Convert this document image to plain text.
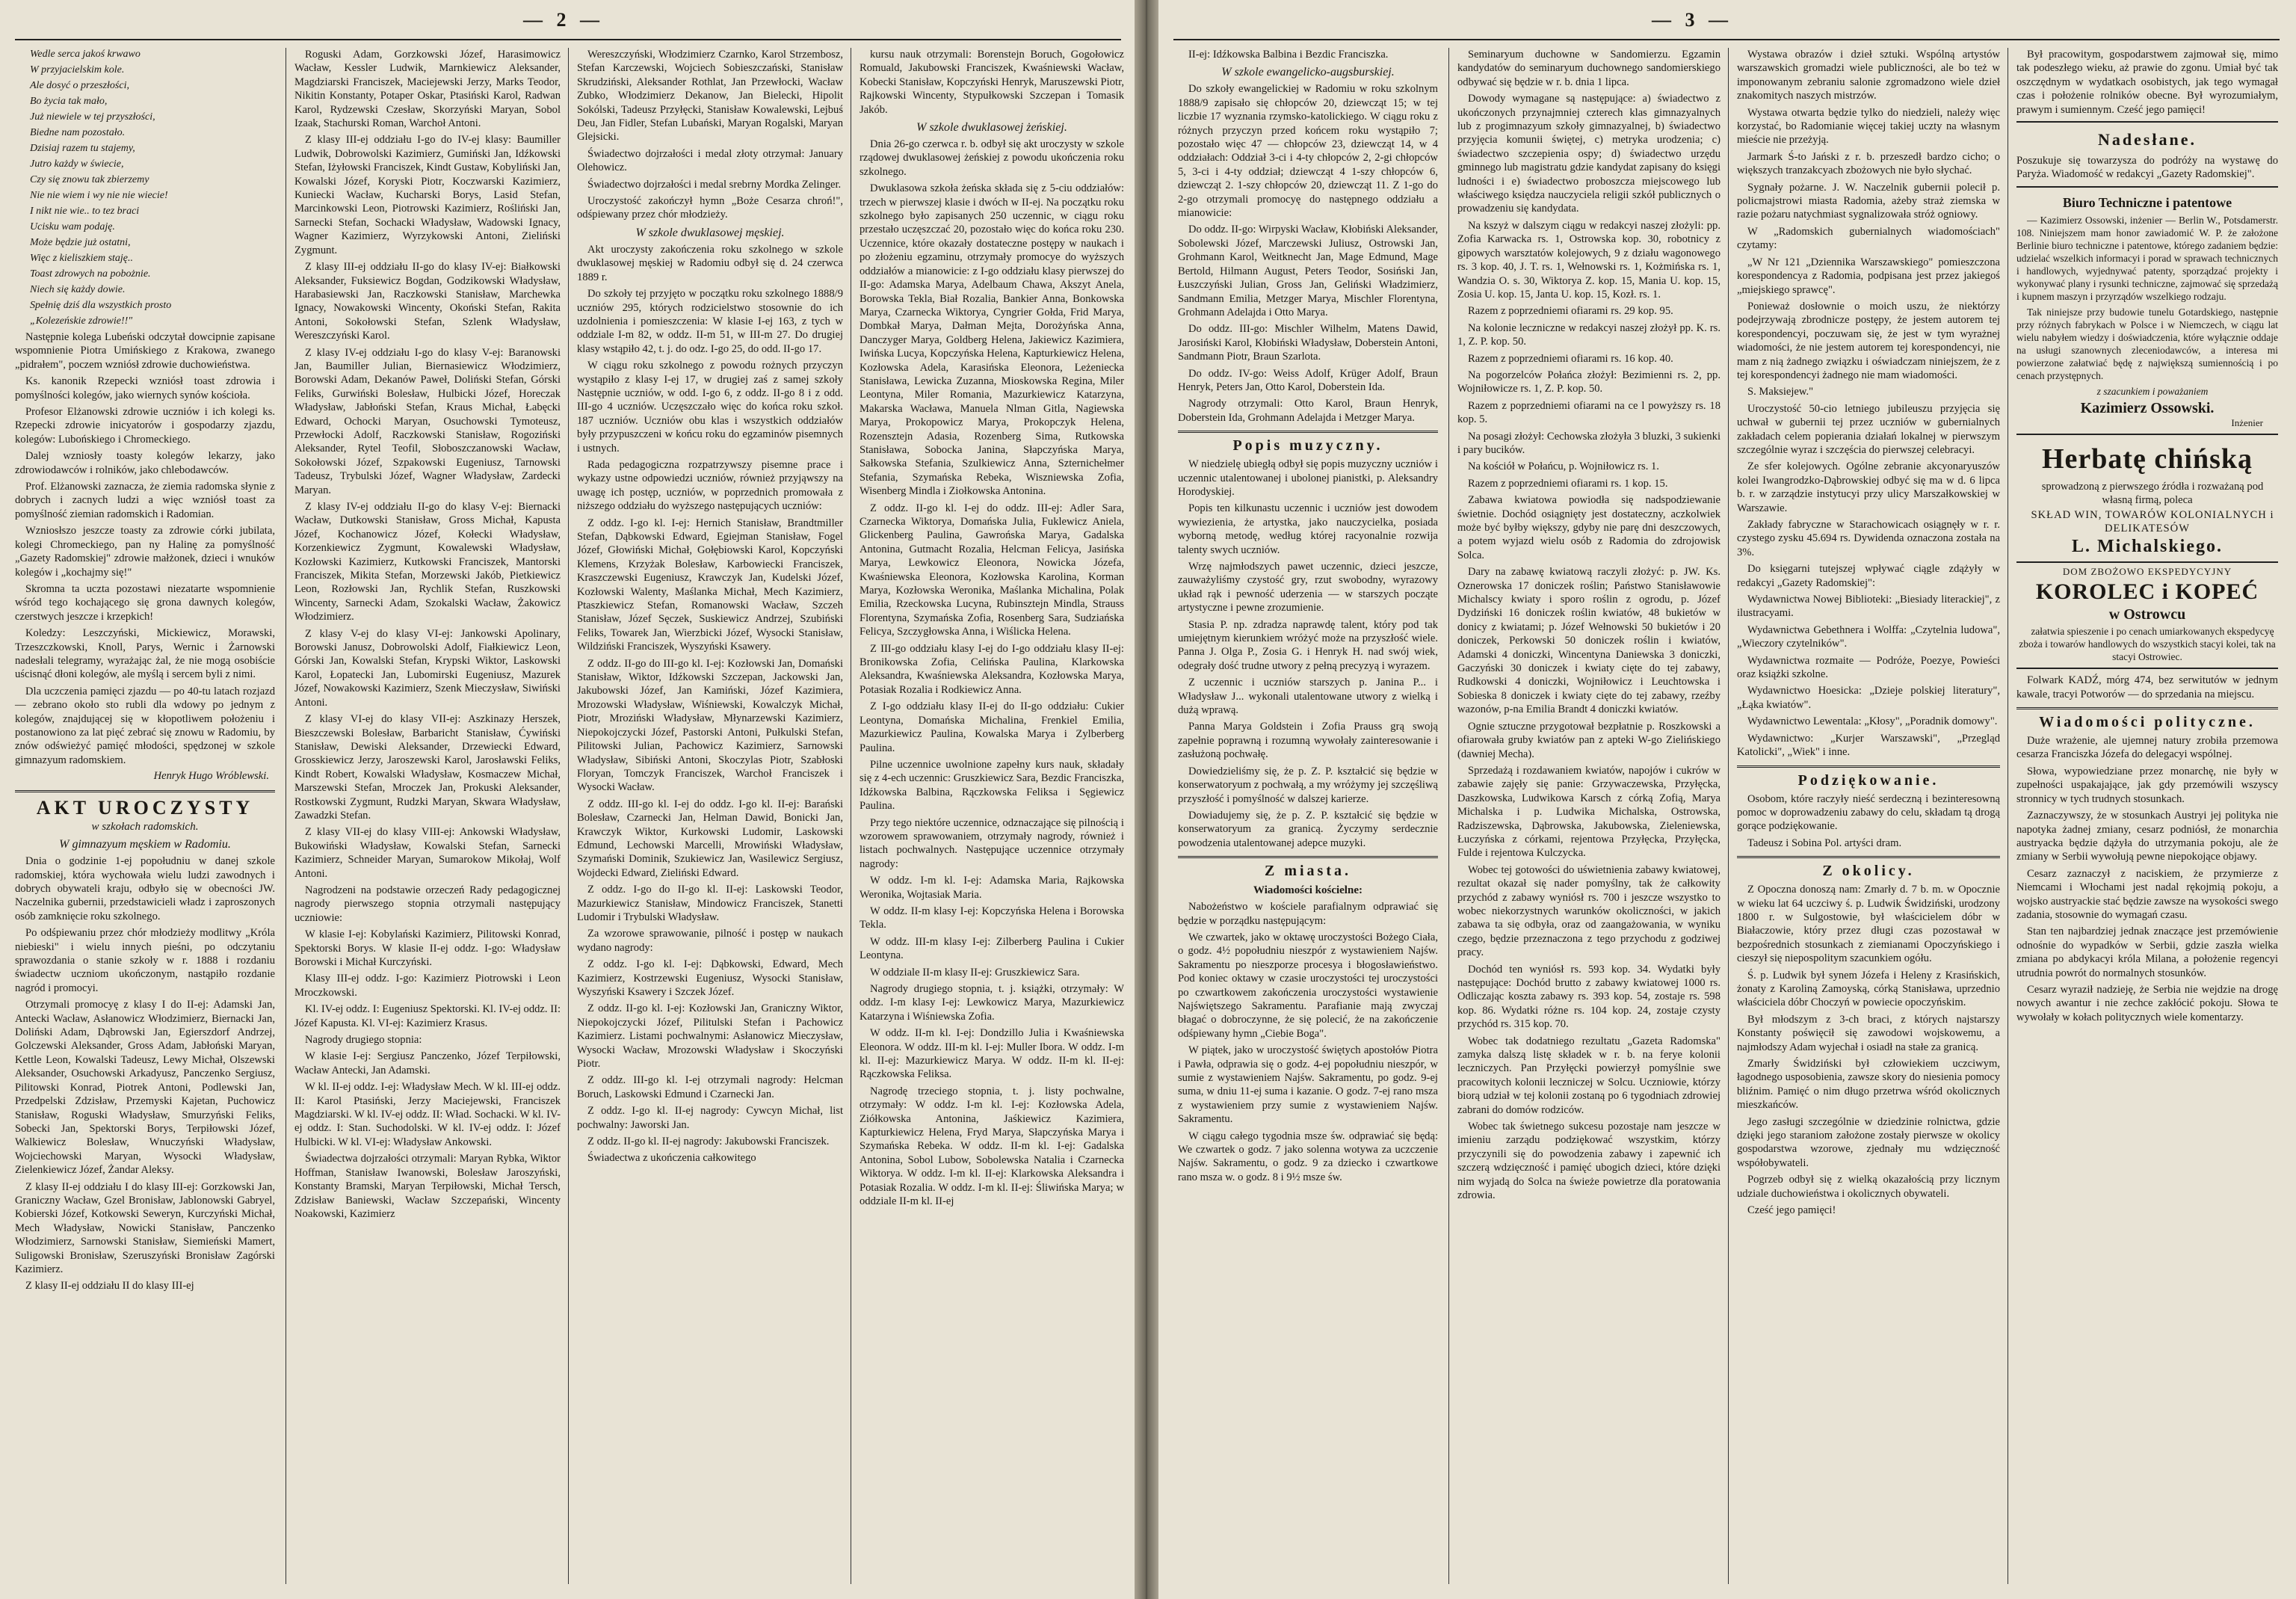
— 2 —
Wedle serca jakoś krwawo
W przyjacielskim kole.
Ale dosyć o przeszłości,
Bo życia tak mało,
Już niewiele w tej przyszłości,
Biedne nam pozostało.
Dzisiaj razem tu stajemy,
Jutro każdy w świecie,
Czy się znowu tak zbierzemy
Nie nie wiem i wy nie nie wiecie!
I nikt nie wie.. to tez braci
Ucisku wam podaję.
Może będzie już ostatni,
Więc z kieliszkiem staję..
Toast zdrowych na pobożnie.
Niech się każdy dowie.
Spełnię dziś dla wszystkich prosto
„Kolezeńskie zdrowie!!"

Następnie kolega Lubeński odczytał dowcipnie zapisane wspomnienie Piotra Umińskiego z Krakowa, zwanego „pidrałem", poczem wzniósł zdrowie duchowieństwa.

Ks. kanonik Rzepecki wzniósł toast zdrowia i pomyślności kolegów, jako wiernych synów kościoła.

Profesor Elżanowski zdrowie uczniów i ich kolegi ks. Rzepecki zdrowie inicyatorów i gospodarzy zjazdu, kolegów: Lubońskiego i Chromeckiego.

Dalej wzniosły toasty kolegów lekarzy, jako zdrowiodawców i rolników, jako chlebodawców.

Prof. Elżanowski zaznacza, że ziemia radomska słynie z dobrych i zacnych ludzi a więc wzniósł toast za pomyślność ziemian radomskich i Radomian.

Wzniosłszo jeszcze toasty za zdrowie córki jubilata, kolegi Chromeckiego, pan ny Halinę za pomyślność „Gazety Radomskiej" zdrowie małżonek, dzieci i wnuków kolegów i „kochajmy się!"

Skromna ta uczta pozostawi niezatarte wspomnienie wśród tego kochającego się grona dawnych kolegów, czerstwych jeszcze i krzepkich!

Koledzy: Leszczyński, Mickiewicz, Morawski, Trzeszczkowski, Knoll, Parys, Wernic i Żarnowski nadesłali telegramy, wyrażając żal, że nie mogą osobiście uścisnąć dłoni kolegów, ale myślą i sercem byli z nimi.

Dla uczczenia pamięci zjazdu — po 40-tu latach rozjazd — zebrano około sto rubli dla wdowy po jednym z kolegów, znajdującej się w kłopotliwem położeniu i postanowiono za lat pięć zebrać się znowu w Radomiu, by znów odświeżyć pamięć młodości, spędzonej w szkole gimnazyum radomskiem.

Henryk Hugo Wróblewski.
AKT UROCZYSTY
w szkołach radomskich.
W gimnazyum męskiem w Radomiu.

Dnia o godzinie 1-ej popołudniu w danej szkole radomskiej, która wychowała wielu ludzi zawodnych i dobrych obywateli kraju, odbyło się w obecności JW. Naczelnika gubernii, przedstawicieli władz i zaproszonych osób zamknięcie roku szkolnego.

Po odśpiewaniu przez chór młodzieży modlitwy „Króla niebieski" i wielu innych pieśni, po odczytaniu sprawozdania o stanie szkoły w r. 1888 i rozdaniu świadectw uczniom ukończonym, nastąpiło rozdanie nagród i promocyi.

Otrzymali promocyę z klasy I do II-ej: Adamski Jan, Antecki Wacław, Asłanowicz Włodzimierz, Biernacki Jan, Doliński Adam, Dąbrowski Jan, Egierszdorf Andrzej, Golczewski Aleksander, Gross Adam, Jabłoński Maryan, Kettle Leon, Kowalski Tadeusz, Lewy Michał, Olszewski Aleksander, Osuchowski Arkadyusz, Panczenko Sergiusz, Pilitowski Konrad, Piotrek Antoni, Podlewski Jan, Przedpelski Zdzisław, Przemyski Kajetan, Puchowicz Stanisław, Roguski Władysław, Smurzyński Feliks, Sobecki Jan, Spektorski Borys, Terpiłowski Józef, Walkiewicz Bolesław, Wnuczyński Władysław, Wojciechowski Maryan, Wysocki Władysław, Zielenkiewicz Józef, Żandar Aleksy.

Z klasy II-ej oddziału I do klasy III-ej: Gorzkowski Jan, Graniczny Wacław, Gzel Bronisław, Jablonowski Gabryel, Kobierski Józef, Kotkowski Seweryn, Kurczyński Michał, Mech Władysław, Nowicki Stanisław, Panczenko Włodzimierz, Sarnowski Stanisław, Siemieński Mamert, Suligowski Bronisław, Szeruszyński Bronisław Zagórski Kazimierz.

Z klasy II-ej oddziału II do klasy III-ej

Roguski Adam, Gorzkowski Józef, Harasimowicz Wacław, Kessler Ludwik, Marnkiewicz Aleksander, Magdziarski Franciszek, Maciejewski Jerzy, Marks Teodor, Nikitin Konstanty, Potaper Oskar, Ptasiński Karol, Radwan Karol, Rydzewski Czesław, Skorzyński Maryan, Sobol Izaak, Stachurski Roman, Warchoł Antoni.

Z klasy III-ej oddziału I-go do IV-ej klasy: Baumiller Ludwik, Dobrowolski Kazimierz, Gumiński Jan, Idźkowski Stefan, Iżyłowski Franciszek, Kindt Gustaw, Kobyliński Jan, Kowalski Józef, Koryski Piotr, Koczwarski Kazimierz, Kuniecki Wacław, Kucharski Borys, Lasid Stefan, Marcinkowski Leon, Piotrowski Kazimierz, Rośliński Jan, Sarnecki Stefan, Sochacki Władysław, Wadowski Ignacy, Wagner Kazimierz, Wyrzykowski Antoni, Zieliński Zygmunt.

Z klasy III-ej oddziału II-go do klasy IV-ej: Białkowski Aleksander, Fuksiewicz Bogdan, Godzikowski Władysław, Harabasiewski Jan, Raczkowski Stanisław, Marchewka Ignacy, Nowakowski Wincenty, Okoński Stefan, Rakita Antoni, Sokołowski Stefan, Szlenk Władysław, Wereszczyński Karol.

Z klasy IV-ej oddziału I-go do klasy V-ej: Baranowski Jan, Baumiller Julian, Biernasiewicz Włodzimierz, Borowski Adam, Dekanów Paweł, Doliński Stefan, Górski Feliks, Gurwiński Bolesław, Hulbicki Józef, Horeczak Władysław, Jabłoński Stefan, Kraus Michał, Łabęcki Edward, Ochocki Maryan, Osuchowski Tymoteusz, Przewłocki Adolf, Raczkowski Stanisław, Rogoziński Aleksander, Rytel Teofil, Słoboszczanowski Wacław, Sokołowski Józef, Szpakowski Eugeniusz, Tarnowski Tadeusz, Trybulski Józef, Wagner Władysław, Zardecki Maryan.

Z klasy IV-ej oddziału II-go do klasy V-ej: Biernacki Wacław, Dutkowski Stanisław, Gross Michał, Kapusta Józef, Kochanowicz Józef, Kołecki Władysław, Korzenkiewicz Zygmunt, Kowalewski Władysław, Kozłowski Kazimierz, Kutkowski Franciszek, Mantorski Franciszek, Mikita Stefan, Morzewski Jakób, Pietkiewicz Leon, Rozłowski Jan, Rychlik Stefan, Ruszkowski Wincenty, Sarnecki Adam, Szokalski Wacław, Żakowicz Włodzimierz.

Z klasy V-ej do klasy VI-ej: Jankowski Apolinary, Borowski Janusz, Dobrowolski Adolf, Fiałkiewicz Leon, Górski Jan, Kowalski Stefan, Krypski Wiktor, Laskowski Karol, Łopatecki Jan, Lubomirski Eugeniusz, Mazurek Józef, Nowakowski Kazimierz, Szenk Mieczysław, Siwiński Antoni.

Z klasy VI-ej do klasy VII-ej: Aszkinazy Herszek, Bieszczewski Bolesław, Barbaricht Stanisław, Ćywiński Stanisław, Dewiski Aleksander, Drzewiecki Edward, Grosskiewicz Jerzy, Jaroszewski Karol, Jarosławski Feliks, Kindt Robert, Kowalski Władysław, Kosmaczew Michał, Marszewski Stefan, Mroczek Jan, Prokuski Aleksander, Rostkowski Zygmunt, Rudzki Maryan, Skwara Władysław, Zawadzki Stefan.

Z klasy VII-ej do klasy VIII-ej: Ankowski Władysław, Bukowiński Władysław, Kowalski Stefan, Sarnecki Kazimierz, Schneider Maryan, Sumarokow Mikołaj, Wolf Antoni.

Nagrodzeni na podstawie orzeczeń Rady pedagogicznej nagrody pierwszego stopnia otrzymali następujący uczniowie:

W klasie I-ej: Kobylański Kazimierz, Pilitowski Konrad, Spektorski Borys. W klasie II-ej oddz. I-go: Władysław Borowski i Michał Kurczyński.

Klasy III-ej oddz. I-go: Kazimierz Piotrowski i Leon Mroczkowski.

Kl. IV-ej oddz. I: Eugeniusz Spektorski. Kl. IV-ej oddz. II: Józef Kapusta. Kl. VI-ej: Kazimierz Krasus.

Nagrody drugiego stopnia:

W klasie I-ej: Sergiusz Panczenko, Józef Terpiłowski, Wacław Antecki, Jan Adamski.

W kl. II-ej oddz. I-ej: Władysław Mech. W kl. III-ej oddz. II: Karol Ptasiński, Jerzy Maciejewski, Franciszek Magdziarski. W kl. IV-ej oddz. II: Wład. Sochacki. W kl. IV-ej oddz. I: Stan. Suchodolski. W kl. IV-ej oddz. I: Józef Hulbicki. W kl. VI-ej: Władysław Ankowski.

Świadectwa dojrzałości otrzymali: Maryan Rybka, Wiktor Hoffman, Stanisław Iwanowski, Bolesław Jaroszyński, Konstanty Bramski, Maryan Terpiłowski, Michał Tersch, Zdzisław Baniewski, Wacław Szczepański, Wincenty Noakowski, Kazimierz

Wereszczyński, Włodzimierz Czarnko, Karol Strzembosz, Stefan Karczewski, Wojciech Sobieszczański, Stanisław Skrudziński, Aleksander Rothlat, Jan Przewłocki, Wacław Zubko, Włodzimierz Dekanow, Jan Bielecki, Hipolit Sokólski, Tadeusz Przyłęcki, Stanisław Kowalewski, Lejbuś Deu, Jan Fidler, Stefan Lubański, Maryan Rogalski, Maryan Glejsicki.

Świadectwo dojrzałości i medal złoty otrzymał: January Olehowicz.

Świadectwo dojrzałości i medal srebrny Mordka Zelinger.

Uroczystość zakończył hymn „Boże Cesarza chroń!", odśpiewany przez chór młodzieży.

W szkole dwuklasowej męskiej.

Akt uroczysty zakończenia roku szkolnego w szkole dwuklasowej męskiej w Radomiu odbył się d. 24 czerwca 1889 r.

Do szkoły tej przyjęto w początku roku szkolnego 1888/9 uczniów 295, których rodzicielstwo stosownie do ich uzdolnienia i pomieszczenia: W klasie I-ej 163, z tych w oddziale I-m 82, w oddz. II-m 51, w III-m 27. Do drugiej klasy wstąpiło 42, t. j. do odz. I-go 25, do odd. II-go 17.

W ciągu roku szkolnego z powodu rożnych przyczyn wystąpiło z klasy I-ej 17, w drugiej zaś z samej szkoły Następnie uczniów, w odd. I-go 6, z oddz. II-go 8 i z odd. III-go 4 uczniów. Uczęszczało więc do końca roku szkoł. 187 uczniów. Uczniów obu klas i wszystkich oddziałów były przypuszczeni w końcu roku do egzaminów pisemnych i ustnych.

Rada pedagogiczna rozpatrzywszy pisemne prace i wykazy ustne odpowiedzi uczniów, również przyjąwszy na uwagę ich postęp, uczniów, w poprzednich promowała z niższego oddziału do wyższego następujących uczniów:

Z oddz. I-go kl. I-ej: Hernich Stanisław, Brandtmiller Stefan, Dąbkowski Edward, Egiejman Stanisław, Fogel Józef, Głowiński Michał, Gołębiowski Karol, Kopczyński Klemens, Krzyżak Bolesław, Karbowiecki Franciszek, Kraszczewski Eugeniusz, Krawczyk Jan, Kudelski Józef, Kozłowski Walenty, Maślanka Michał, Mech Kazimierz, Ptaszkiewicz Stefan, Romanowski Wacław, Szczeh Stanisław, Józef Sęczek, Suskiewicz Andrzej, Szubiński Feliks, Towarek Jan, Wierzbicki Józef, Wysocki Stanisław, Wildziński Franciszek, Wyszyński Ksawery.

Z oddz. II-go do III-go kl. I-ej: Kozłowski Jan, Domański Stanisław, Wiktor, Idźkowski Szczepan, Jackowski Jan, Jakubowski Józef, Jan Kamiński, Józef Kazimiera, Mrozowski Władysław, Wiśniewski, Kowalczyk Michał, Piotr, Mroziński Władysław, Młynarzewski Kazimierz, Niepokojczycki Józef, Pastorski Antoni, Pułkulski Stefan, Pilitowski Julian, Pachowicz Kazimierz, Sarnowski Władysław, Sibiński Antoni, Skoczylas Piotr, Szabłoski Floryan, Tomczyk Franciszek, Warchoł Franciszek i Wysocki Wacław.

Z oddz. III-go kl. I-ej do oddz. I-go kl. II-ej: Barański Bolesław, Czarnecki Jan, Helman Dawid, Bonicki Jan, Krawczyk Wiktor, Kurkowski Ludomir, Laskowski Edmund, Lechowski Marcelli, Mrowiński Władysław, Szymański Dominik, Szukiewicz Jan, Wasilewicz Sergiusz, Wojdecki Edward, Zieliński Edward.

Z oddz. I-go do II-go kl. II-ej: Laskowski Teodor, Mazurkiewicz Stanisław, Mindowicz Franciszek, Stanetti Ludomir i Trybulski Władysław.

Za wzorowe sprawowanie, pilność i postęp w naukach wydano nagrody:

Z oddz. I-go kl. I-ej: Dąbkowski, Edward, Mech Kazimierz, Kostrzewski Eugeniusz, Wysocki Stanisław, Wyszyński Ksawery i Szczek Józef.

Z oddz. II-go kl. I-ej: Kozłowski Jan, Graniczny Wiktor, Niepokojczycki Józef, Pilitulski Stefan i Pachowicz Kazimierz. Listami pochwalnymi: Asłanowicz Mieczysław, Wysocki Wacław, Mrozowski Władysław i Skoczyński Piotr.

Z oddz. III-go kl. I-ej otrzymali nagrody: Helcman Boruch, Laskowski Edmund i Czarnecki Jan.

Z oddz. I-go kl. II-ej nagrody: Cywcyn Michał, list pochwalny: Jaworski Jan.

Z oddz. II-go kl. II-ej nagrody: Jakubowski Franciszek.

Świadectwa z ukończenia całkowitego

kursu nauk otrzymali: Borenstejn Boruch, Gogołowicz Romuald, Jakubowski Franciszek, Kwaśniewski Wacław, Kobecki Stanisław, Kopczyński Henryk, Maruszewski Piotr, Rajkowski Wincenty, Stypułkowski Szczepan i Tomasik Jakób.

W szkole dwuklasowej żeńskiej.

Dnia 26-go czerwca r. b. odbył się akt uroczysty w szkole rządowej dwuklasowej żeńskiej z powodu ukończenia roku szkolnego.

Dwuklasowa szkoła żeńska składa się z 5-ciu oddziałów: trzech w pierwszej klasie i dwóch w II-ej. Na początku roku szkolnego było zapisanych 250 uczennic, w ciągu roku przestało uczęszczać 20, pozostało więc do końca roku 230. Uczennice, które okazały dostateczne postępy w naukach i po złożeniu egzaminu, otrzymały promocye do wyższych oddziałów a mianowicie: z I-go oddziału klasy pierwszej do II-go: Adamska Marya, Adelbaum Chawa, Akszyt Anela, Borowska Tekla, Biał Rozalia, Bankier Anna, Bonkowska Marya, Czarnecka Wiktorya, Cyngrier Gołda, Frid Marya, Dombkał Marya, Dałman Mejta, Dorożyńska Anna, Danczyger Marya, Goldberg Helena, Jakiewicz Kazimiera, Iwińska Lucya, Kopczyńska Helena, Kapturkiewicz Helena, Kozłowska Adela, Karasińska Eleonora, Leżeniecka Stanisława, Lewicka Zuzanna, Mioskowska Regina, Miler Leontyna, Miler Romania, Mazurkiewicz Katarzyna, Makarska Wacława, Manuela Nlman Gitla, Nagiewska Marya, Prokopowicz Marya, Prokopczyk Helena, Rozensztejn Adasia, Rozenberg Sima, Rutkowska Stanisława, Sobocka Janina, Słapczyńska Marya, Sałkowska Stefania, Szulkiewicz Anna, Szternichełmer Stefania, Szymańska Rebeka, Wiszniewska Zofia, Wisenberg Mindla i Ziołkowska Antonina.

Z oddz. II-go kl. I-ej do oddz. III-ej: Adler Sara, Czarnecka Wiktorya, Domańska Julia, Fuklewicz Aniela, Glickenberg Paulina, Gawrońska Marya, Gadalska Antonina, Gutmacht Rozalia, Helcman Felicya, Jasińska Marya, Lewkowicz Eleonora, Nowicka Józefa, Kwaśniewska Eleonora, Kozłowska Karolina, Korman Marya, Kozłowska Weronika, Maślanka Michalina, Polak Emilia, Rzeckowska Lucyna, Rubinsztejn Mindla, Strauss Florentyna, Szymańska Zofia, Rosenberg Sara, Sudziańska Felicya, Szczygłowska Anna, i Wiślicka Helena.

Z III-go oddziału klasy I-ej do I-go oddziału klasy II-ej: Bronikowska Zofia, Celińska Paulina, Klarkowska Aleksandra, Kwaśniewska Aleksandra, Kozłowska Marya, Potasiak Rozalia i Rodkiewicz Anna.

Z I-go oddziału klasy II-ej do II-go oddziału: Cukier Leontyna, Domańska Michalina, Frenkiel Emilia, Mazurkiewicz Paulina, Kowalska Marya i Zylberberg Paulina.

Pilne uczennice uwolnione zapełny kurs nauk, składały się z 4-ech uczennic: Gruszkiewicz Sara, Bezdic Franciszka, Idźkowska Balbina, Rączkowska Feliksa i Sęgiewicz Paulina.

Przy tego niektóre uczennice, odznaczające się pilnością i wzorowem sprawowaniem, otrzymały nagrody, również i listach pochwalnych. Następujące uczennice otrzymały nagrody:

W oddz. I-m kl. I-ej: Adamska Maria, Rajkowska Weronika, Wojtasiak Maria.

W oddz. II-m klasy I-ej: Kopczyńska Helena i Borowska Tekla.

W oddz. III-m klasy I-ej: Zilberberg Paulina i Cukier Leontyna.

W oddziale II-m klasy II-ej: Gruszkiewicz Sara.

Nagrody drugiego stopnia, t. j. książki, otrzymały: W oddz. I-m klasy I-ej: Lewkowicz Marya, Mazurkiewicz Katarzyna i Wiśniewska Zofia.

W oddz. II-m kl. I-ej: Dondzillo Julia i Kwaśniewska Eleonora. W oddz. III-m kl. I-ej: Muller Ibora. W oddz. I-m kl. II-ej: Mazurkiewicz Marya. W oddz. II-m kl. II-ej: Rączkowska Feliksa.

Nagrodę trzeciego stopnia, t. j. listy pochwalne, otrzymały: W oddz. I-m kl. I-ej: Kozłowska Adela, Ziółkowska Antonina, Jaśkiewicz Kazimiera, Kapturkiewicz Helena, Fryd Marya, Słapczyńska Marya i Szymańska Rebeka. W oddz. II-m kl. I-ej: Gadalska Antonina, Sobol Lubow, Sobolewska Natalia i Czarnecka Wiktorya. W oddz. I-m kl. II-ej: Klarkowska Aleksandra i Potasiak Rozalia. W oddz. I-m kl. II-ej: Śliwińska Marya; w oddziale II-m kl. II-ej

— 3 —

II-ej: Idźkowska Balbina i Bezdic Franciszka.

W szkole ewangelicko-augsburskiej.

Do szkoły ewangelickiej w Radomiu w roku szkolnym 1888/9 zapisało się chłopców 20, dziewcząt 15; w tej liczbie 17 wyznania rzymsko-katolickiego. W ciągu roku z różnych przyczyn przed końcem roku wystąpiło 7; pozostało więc 47 — chłopców 23, dziewcząt 14, w 4 oddziałach: Oddział 3-ci i 4-ty chłopców 2, 2-gi chłopców 5, 3-ci i 4-ty oddział; dziewcząt 4 1-szy chłopców 6, dziewcząt 2. 1-szy chłopców 20, dziewcząt 11. Z 1-go do 2-go otrzymali promocyę do następnego oddziału a mianowicie:

Do oddz. II-go: Wirpyski Wacław, Kłobiński Aleksander, Sobolewski Józef, Marczewski Juliusz, Ostrowski Jan, Grohmann Karol, Weitknecht Jan, Mage Edmund, Mage Bertold, Hilmann August, Peters Teodor, Sosiński Jan, Łuszczyński Julian, Gross Jan, Geliński Władzimierz, Sandmann Emilia, Metzger Marya, Mischler Florentyna, Grohmann Adelajda i Otto Marya.

Do oddz. III-go: Mischler Wilhelm, Matens Dawid, Jarosiński Karol, Kłobiński Władysław, Doberstein Antoni, Sandmann Piotr, Braun Szarlota.

Do oddz. IV-go: Weiss Adolf, Krüger Adolf, Braun Henryk, Peters Jan, Otto Karol, Doberstein Ida.

Nagrody otrzymali: Otto Karol, Braun Henryk, Doberstein Ida, Grohmann Adelajda i Metzger Marya.

Popis muzyczny.

W niedzielę ubiegłą odbył się popis muzyczny uczniów i uczennic utalentowanej i ubolonej pianistki, p. Aleksandry Horodyskiej.

Popis ten kilkunastu uczennic i uczniów jest dowodem wywiezienia, że artystka, jako nauczycielka, posiada wyborną metodę, według której racyonalnie rozwija talenty swych uczniów.

Wrzę najmłodszych pawet uczennic, dzieci jeszcze, zauważyliśmy czystość gry, rzut swobodny, wyrazowy układ rąk i pewność uderzenia — w starszych począte artystyczne i pewne zrozumienie.

Stasia P. np. zdradza naprawdę talent, który pod tak umiejętnym kierunkiem wróżyć może na przyszłość wiele. Panna J. Olga P., Zosia G. i Henryk H. nad swój wiek, odegrały dość trudne utwory z pełną precyzyą i wyrazem.

Z uczennic i uczniów starszych p. Janina P... i Władysław J... wykonali utalentowane utwory z wielką i dużą wprawą.

Panna Marya Goldstein i Zofia Prauss grą swoją zapełnie poprawną i rozumną wywołały zainteresowanie i zasłużoną pochwałę.

Dowiedzieliśmy się, że p. Z. P. kształcić się będzie w konserwatoryum z pochwałą, a my wróżymy jej szczęśliwą przyszłość i pomyślność w dalszej karierze.

Dowiadujemy się, że p. Z. P. kształcić się będzie w konserwatoryum za granicą. Życzymy serdecznie powodzenia utalentowanej adepce muzyki.

Z miasta.
Wiadomości kościelne:

Nabożeństwo w kościele parafialnym odprawiać się będzie w porządku następującym:

We czwartek, jako w oktawę uroczystości Bożego Ciała, o godz. 4½ popołudniu nieszpór z wystawieniem Najśw. Sakramentu po nieszporze procesya i błogosławieństwo. Pod koniec oktawy w czasie uroczystości tej uroczystości po czwartkowem zakończenia uroczystości wystawienie Najświętszego Sakramentu. Parafianie mają zwyczaj błagać o dobroczynne, że się polecić, że na zakończenie odśpiewany hymn „Ciebie Boga".

W piątek, jako w uroczystość świętych apostołów Piotra i Pawła, odprawia się o godz. 4-ej popołudniu nieszpór, w sumie z wystawieniem Najśw. Sakramentu, po godz. 9-ej suma, w dniu 11-ej suma i kazanie. O godz. 7-ej rano msza z wystawieniem przy sumie z wystawieniem Najśw. Sakramentu.

W ciągu całego tygodnia msze św. odprawiać się będą: We czwartek o godz. 7 jako solenna wotywa za uczczenie Najśw. Sakramentu, o godz. 9 za dziecko i czwartkowe rano msza w. o godz. 8 i 9½ msze św.

Seminaryum duchowne w Sandomierzu. Egzamin kandydatów do seminaryum duchownego sandomierskiego odbywać się będzie w r. b. dnia 1 lipca.

Dowody wymagane są następujące: a) świadectwo z ukończonych przynajmniej czterech klas gimnazyalnych lub z progimnazyum szkoły gimnazyalnej, b) świadectwo przyjęcia komunii świętej, c) metryka urodzenia; c) świadectwo szczepienia ospy; d) świadectwo urzędu gminnego lub magistratu gdzie kandydat zapisany do księgi ludności i e) świadectwo proboszcza miejscowego lub właściwego księdza nauczyciela religii szkół publicznych o prowadzeniu się kandydata.

Na kszyż w dalszym ciągu w redakcyi naszej złożyli: pp. Zofia Karwacka rs. 1, Ostrowska kop. 30, robotnicy z gipowych warsztatów kolejowych, 9 z działu wagonowego rs. 3 kop. 40, J. T. rs. 1, Wełnowski rs. 1, Kożmińska rs. 1, Wandzia O. s. 30, Wiktorya Z. kop. 15, Mania U. kop. 15, Zosia U. kop. 15, Janta U. kop. 15, Kozł. rs. 1.

Razem z poprzedniemi ofiarami rs. 29 kop. 95.

Na kolonie leczniczne w redakcyi naszej złożył pp. K. rs. 1, Z. P. kop. 50.

Razem z poprzedniemi ofiarami rs. 16 kop. 40.

Na pogorzelców Połańca złożył: Bezimienni rs. 2, pp. Wojniłowicze rs. 1, Z. P. kop. 50.

Razem z poprzedniemi ofiarami na ce l powyższy rs. 18 kop. 5.

Na posagi złożył: Cechowska złożyła 3 bluzki, 3 sukienki i pary bucików.

Na kościół w Połańcu, p. Wojniłowicz rs. 1.

Razem z poprzedniemi ofiarami rs. 1 kop. 15.

Zabawa kwiatowa powiodła się nadspodziewanie świetnie. Dochód osiągnięty jest dostateczny, aczkolwiek może być byłby większy, gdyby nie parę dni deszczowych, a potem wyjazd wielu osób z Radomia do zdrojowisk Solca.

Dary na zabawę kwiatową raczyli złożyć: p. JW. Ks. Oznerowska 17 doniczek roślin; Państwo Stanisławowie Michalscy kwiaty i sporo roślin z ogrodu, p. Józef Dydziński 16 doniczek roślin kwiatów, 48 bukietów w donicy z kwiatami; p. Józef Wełnowski 50 bukietów i 20 doniczek, Perkowski 50 doniczek roślin i kwiatów, Adamski 4 doniczki, Wincentyna Daniewska 3 doniczki, Gaczyński 30 doniczek i kwiaty cięte do tej zabawy, Rudkowski 4 doniczki, Wojniłowicz i Leuchtowska i Sobieska 8 doniczek i kwiaty cięte do tej zabawy, rzeźby wazonów, p-na Emilia Brandt 4 doniczki kwiatów.

Ognie sztuczne przygotował bezpłatnie p. Roszkowski a ofiarowała gruby kwiatów pan z apteki W-go Zielińskiego (dawniej Mecha).

Sprzedażą i rozdawaniem kwiatów, napojów i cukrów w zabawie zajęły się panie: Grzywaczewska, Przyłęcka, Daszkowska, Ludwikowa Karsch z córką Zofią, Marya Michalska i p. Ludwika Michalska, Ostrowska, Radziszewska, Dąbrowska, Jakubowska, Zieleniewska, Łuczyńska z córkami, rejentowa Przyłęcka, Przyłęcka, Fulde i rejentowa Kulczycka.

Wobec tej gotowości do uświetnienia zabawy kwiatowej, rezultat okazał się nader pomyślny, tak że całkowity przychód z zabawy wyniósł rs. 700 i jeszcze wszystko to wobec niekorzystnych warunków okoliczności, w jakich zabawa ta się odbyła, oraz od zaangażowania, w wyniku czego, będzie przeznaczona z tego przychodu z godziwej pracy.

Dochód ten wyniósł rs. 593 kop. 34. Wydatki były następujące: Dochód brutto z zabawy kwiatowej 1000 rs. Odliczając koszta zabawy rs. 393 kop. 54, zostaje rs. 598 kop. 86. Wydatki różne rs. 104 kop. 24, zostaje czysty przychód rs. 315 kop. 70.

Wobec tak dodatniego rezultatu „Gazeta Radomska" zamyka dalszą listę składek w r. b. na ferye kolonii leczniczych. Pan Przyłęcki powierzył pomyślnie swe pracowitych kolonii leczniczej w Solcu. Uczniowie, którzy biorą udział w tej kolonii zostaną po 6 tygodniach zdrowiej zabrani do domów rodziców.

Wobec tak świetnego sukcesu pozostaje nam jeszcze w imieniu zarządu podziękować wszystkim, którzy przyczynili się do powodzenia zabawy i zapewnić ich szczerą wdzięczność i pamięć ubogich dzieci, które dzięki nim wyjadą do Solca na świeże powietrze dla poratowania zdrowia.

Wystawa obrazów i dzieł sztuki. Wspólną artystów warszawskich gromadzi wiele publiczności, ale bo też w imponowanym zebraniu salonie zgromadzono wiele dzieł znakomitych naszych mistrzów.

Wystawa otwarta będzie tylko do niedzieli, należy więc korzystać, bo Radomianie więcej takiej uczty na własnym mieście nie przeżyją.

Jarmark Ś-to Jański z r. b. przeszedł bardzo cicho; o większych tranzakcyach zbożowych nie było słychać.

Sygnały pożarne. J. W. Naczelnik gubernii polecił p. policmajstrowi miasta Radomia, ażeby straż ziemska w razie pożaru natychmiast sygnalizowała stróż ogniowy.

W „Radomskich gubernialnych wiadomościach" czytamy:

„W Nr 121 „Dziennika Warszawskiego" pomieszczona korespondencya z Radomia, podpisana jest przez jakiegoś „miejskiego sprawcę".

Ponieważ dosłownie o moich uszu, że niektórzy podejrzywają zbrodnicze postępy, że jestem autorem tej korespondencyi, poczuwam się, że jest w tym wyrażnej wiadomości, że nie jestem autorem tej korespondencyi, nie mam z nią żadnego związku i oświadczam niniejszem, że z tej korespondencyi żadnego nie mam wiadomości.

S. Maksiejew."

Uroczystość 50-cio letniego jubileuszu przyjęcia się uchwał w gubernii tej przez uczniów w gubernialnych zakładach celem popierania działań lokalnej w pierwszym szczególnie wyraz i szczęścia do pierwszej celebracyi.

Ze sfer kolejowych. Ogólne zebranie akcyonaryuszów kolei Iwangrodzko-Dąbrowskiej odbyć się ma w d. 6 lipca b. r. w zarządzie instytucyi przy ulicy Marszałkowskiej w Warszawie.

Zakłady fabryczne w Starachowicach osiągnęły w r. r. czystego zysku 45.694 rs. Dywidenda oznaczona została na 3%.

Do księgarni tutejszej wpływać ciągle zdążyły w redakcyi „Gazety Radomskiej":

Wydawnictwa Nowej Biblioteki: „Biesiady literackiej", z ilustracyami.

Wydawnictwa Gebethnera i Wolffa: „Czytelnia ludowa", „Wieczory czytelników".

Wydawnictwa rozmaite — Podróże, Poezye, Powieści oraz książki szkolne.

Wydawnictwo Hoesicka: „Dzieje polskiej literatury", „Łąka kwiatów".

Wydawnictwo Lewentala: „Kłosy", „Poradnik domowy".

Wydawnictwo: „Kurjer Warszawski", „Przegląd Katolicki", „Wiek" i inne.

Podziękowanie.

Osobom, które raczyły nieść serdeczną i bezinteresowną pomoc w doprowadzeniu zabawy do celu, składam tą drogą gorące podziękowanie.

Tadeusz i Sobina Pol. artyści dram.

Z okolicy.

Z Opoczna donoszą nam: Zmarły d. 7 b. m. w Opocznie w wieku lat 64 uczciwy ś. p. Ludwik Świdziński, urodzony 1800 r. w Sulgostowie, był właścicielem dóbr w Białaczowie, który przez długi czas pozostawał w bezpośrednich stosunkach z ziemianami Opoczyńskiego i cieszył się niepospolitym szacunkiem ogółu.

Ś. p. Ludwik był synem Józefa i Heleny z Krasińskich, żonaty z Karoliną Zamoyską, córką Stanisława, uprzednio właściciela dóbr Choczyń w powiecie opoczyńskim.

Był młodszym z 3-ch braci, z których najstarszy Konstanty poświęcił się zawodowi wojskowemu, a najmłodszy Adam wyjechał i osiadł na stałe za granicą.

Zmarły Świdziński był człowiekiem uczciwym, łagodnego usposobienia, zawsze skory do niesienia pomocy bliźnim. Pamięć o nim długo przetrwa wśród okolicznych mieszkańców.

Jego zasługi szczególnie w dziedzinie rolnictwa, gdzie dzięki jego staraniom założone zostały pierwsze w okolicy gospodarstwa wzorowe, zjednały mu wdzięczność współobywateli.

Pogrzeb odbył się z wielką okazałością przy licznym udziale duchowieństwa i okolicznych obywateli.

Cześć jego pamięci!

Był pracowitym, gospodarstwem zajmował się, mimo tak podeszłego wieku, aż prawie do zgonu. Umiał być tak oszczędnym w wydatkach osobistych, jak tego wymagał czas i położenie rolników obecne. Był wyrozumiałym, prawym i sumiennym. Cześć jego pamięci!

Nadesłane.

Poszukuje się towarzysza do podróży na wystawę do Paryża. Wiadomość w redakcyi „Gazety Radomskiej".

Biuro Techniczne i patentowe

— Kazimierz Ossowski, inżenier — Berlin W., Potsdamerstr. 108. Niniejszem mam honor zawiadomić W. P. że założone Berlinie biuro techniczne i patentowe, którego zadaniem będzie: udzielać wszelkich informacyi i porad w sprawach technicznych i handlowych, wyjednywać patenty, sporządzać projekty i wykonywać plany i rysunki techniczne, zajmować się sprzedażą i kupnem maszyn i przyrządów wszelkiego rodzaju.

Tak niniejsze przy budowie tunelu Gotardskiego, następnie przy różnych fabrykach w Polsce i w Niemczech, w ciągu lat wielu nabyłem wiedzy i doświadczenia, które wyłącznie oddaje na usługi szanownych zleceniodawców, a interesa mi powierzone załatwiać będę z największą sumiennością i po cenach przystępnych.

z szacunkiem i poważaniem

Kazimierz Ossowski.
Inżenier
Herbatę chińską

sprowadzoną z pierwszego źródła i rozważaną pod własną firmą, poleca

SKŁAD WIN, TOWARÓW KOLONIALNYCH i DELIKATESÓW

L. Michalskiego.
DOM ZBOŻOWO EKSPEDYCYJNY
KOROLEC i KOPEĆ
w Ostrowcu

załatwia spieszenie i po cenach umiarkowanych ekspedycyę zboża i towarów handlowych do wszystkich stacyi kolei, tak na stacyi Ostrowiec.

Folwark KADŹ, mórg 474, bez serwitutów w jednym kawale, tracyi Potworów — do sprzedania na miejscu.

Wiadomości polityczne.

Duże wrażenie, ale ujemnej natury zrobiła przemowa cesarza Franciszka Józefa do delegacyi wspólnej.

Słowa, wypowiedziane przez monarchę, nie były w zupełności uspakajające, jak gdy przemówili wszyscy stronnicy w tych trudnych stosunkach.

Zaznaczywszy, że w stosunkach Austryi jej polityka nie napotyka żadnej zmiany, cesarz podniósł, że monarchia austryacka będzie dążyła do utrzymania pokoju, ale że zmiany w Serbii wywołują pewne niepokojące objawy.

Cesarz zaznaczył z naciskiem, że przymierze z Niemcami i Włochami jest nadal rękojmią pokoju, a wojsko austryackie stać będzie zawsze na wysokości swego zadania, stosownie do wymagań czasu.

Stan ten najbardziej jednak znaczące jest przemówienie odnośnie do wypadków w Serbii, gdzie zaszła wielka zmiana po abdykacyi króla Milana, a położenie regencyi utrudnia powrót do normalnych stosunków.

Cesarz wyraził nadzieję, że Serbia nie wejdzie na drogę nowych awantur i nie zechce zakłócić pokoju. Słowa te wywołały w kołach politycznych wiele komentarzy.
